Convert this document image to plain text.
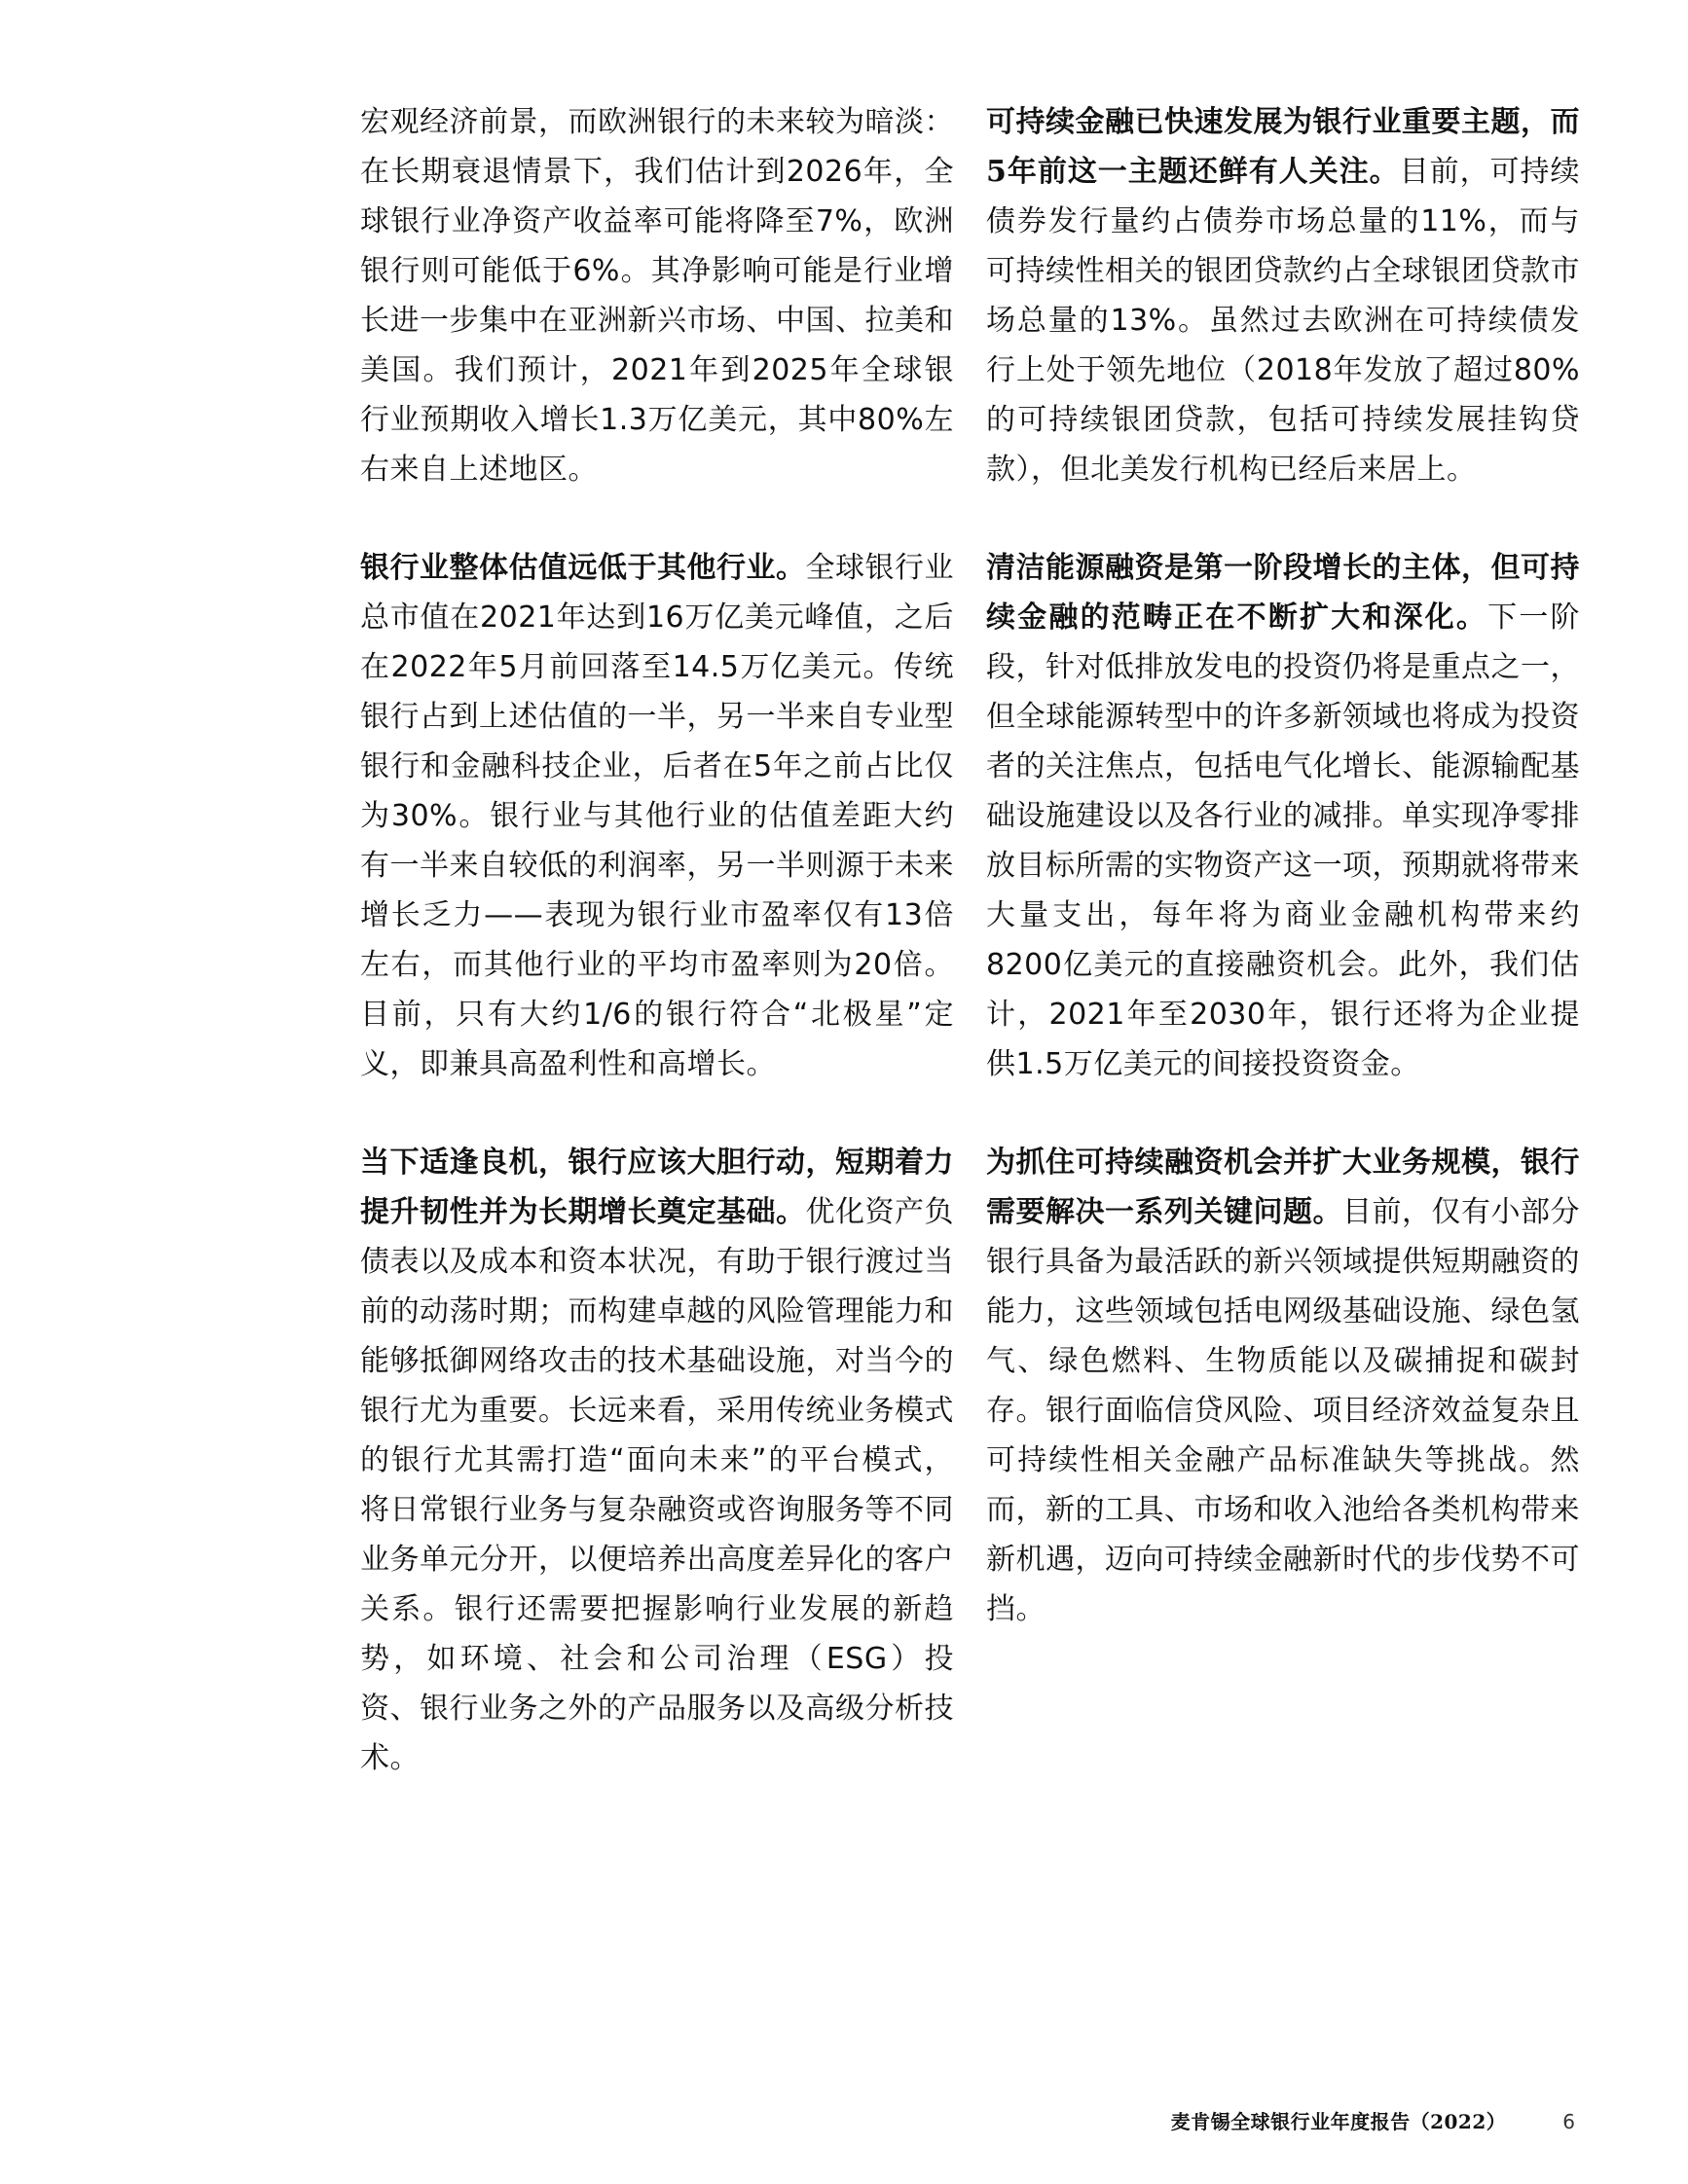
宏观经济前景，而欧洲银行的未来较为暗淡：在长期衰退情景下，我们估计到2026年，全球银行业净资产收益率可能将降至7%，欧洲银行则可能低于6%。其净影响可能是行业增长进一步集中在亚洲新兴市场、中国、拉美和美国。我们预计，2021年到2025年全球银行业预期收入增长1.3万亿美元，其中80%左右来自上述地区。

银行业整体估值远低于其他行业。全球银行业总市值在2021年达到16万亿美元峰值，之后在2022年5月前回落至14.5万亿美元。传统银行占到上述估值的一半，另一半来自专业型银行和金融科技企业，后者在5年之前占比仅为30%。银行业与其他行业的估值差距大约有一半来自较低的利润率，另一半则源于未来增长乏力——表现为银行业市盈率仅有13倍左右，而其他行业的平均市盈率则为20倍。目前，只有大约1/6的银行符合“北极星”定义，即兼具高盈利性和高增长。

当下适逢良机，银行应该大胆行动，短期着力提升韧性并为长期增长奠定基础。优化资产负债表以及成本和资本状况，有助于银行渡过当前的动荡时期；而构建卓越的风险管理能力和能够抵御网络攻击的技术基础设施，对当今的银行尤为重要。长远来看，采用传统业务模式的银行尤其需打造“面向未来”的平台模式，将日常银行业务与复杂融资或咨询服务等不同业务单元分开，以便培养出高度差异化的客户关系。银行还需要把握影响行业发展的新趋势，如环境、社会和公司治理（ESG）投资、银行业务之外的产品服务以及高级分析技术。

可持续金融已快速发展为银行业重要主题，而5年前这一主题还鲜有人关注。目前，可持续债券发行量约占债券市场总量的11%，而与可持续性相关的银团贷款约占全球银团贷款市场总量的13%。虽然过去欧洲在可持续债发行上处于领先地位（2018年发放了超过80%的可持续银团贷款，包括可持续发展挂钩贷款），但北美发行机构已经后来居上。

清洁能源融资是第一阶段增长的主体，但可持续金融的范畴正在不断扩大和深化。下一阶段，针对低排放发电的投资仍将是重点之一，但全球能源转型中的许多新领域也将成为投资者的关注焦点，包括电气化增长、能源输配基础设施建设以及各行业的减排。单实现净零排放目标所需的实物资产这一项，预期就将带来大量支出，每年将为商业金融机构带来约8200亿美元的直接融资机会。此外，我们估计，2021年至2030年，银行还将为企业提供1.5万亿美元的间接投资资金。

为抓住可持续融资机会并扩大业务规模，银行需要解决一系列关键问题。目前，仅有小部分银行具备为最活跃的新兴领域提供短期融资的能力，这些领域包括电网级基础设施、绿色氢气、绿色燃料、生物质能以及碳捕捉和碳封存。银行面临信贷风险、项目经济效益复杂且可持续性相关金融产品标准缺失等挑战。然而，新的工具、市场和收入池给各类机构带来新机遇，迈向可持续金融新时代的步伐势不可挡。

麦肯锡全球银行业年度报告（2022）	6
